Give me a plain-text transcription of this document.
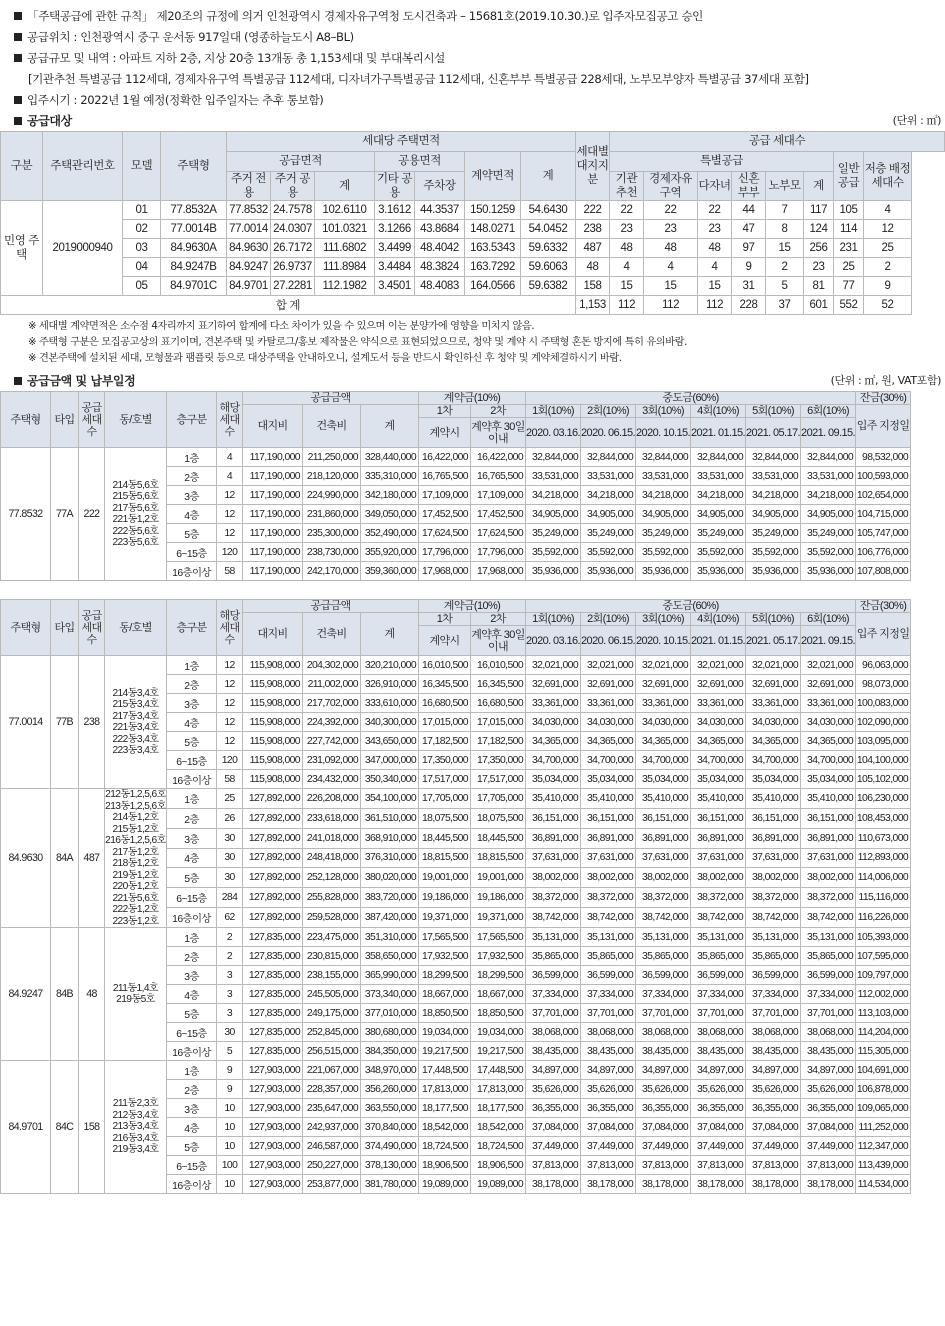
「주택공급에 관한 규칙」 제20조의 규정에 의거 인천광역시 경제자유구역청 도시건축과 – 15681호(2019.10.30.)로 입주자모집공고 승인
공급위치 : 인천광역시 중구 운서동 917일대 (영종하늘도시 A8–BL)
공급규모 및 내역 : 아파트 지하 2층, 지상 20층 13개동 총 1,153세대 및 부대복리시설
[기관추천 특별공급 112세대, 경제자유구역 특별공급 112세대, 디자녀가구특별공급 112세대, 신혼부부 특별공급 228세대, 노부모부양자 특별공급 37세대 포함]
입주시기 : 2022년 1월 예정(정확한 입주일자는 추후 통보함)
공급대상	(단위 : ㎡)
구분	주택관리번호	모델	주택형	세대당 주택면적							세대별 대지지분	공급 세대수							
				공급면적			공용면적		계약면적	계		특별공급						일반 공급	저층 배정 세대수
												기관 추천	경제자유 구역	다자녀	신혼 부부	노부모	계		
				주거 전용	주거 공용	계	기타 공용	주차장											
민영 주택	2019000940	01	77.8532A	77.8532	24.7578	102.6110	3.1612	44.3537	150.1259	54.6430	222	22	22	22	44	7	117	105	4
		02	77.0014B	77.0014	24.0307	101.0321	3.1266	43.8684	148.0271	54.0452	238	23	23	23	47	8	124	114	12
		03	84.9630A	84.9630	26.7172	111.6802	3.4499	48.4042	163.5343	59.6332	487	48	48	48	97	15	256	231	25
		04	84.9247B	84.9247	26.9737	111.8984	3.4484	48.3824	163.7292	59.6063	48	4	4	4	9	2	23	25	2
		05	84.9701C	84.9701	27.2281	112.1982	3.4501	48.4083	164.0566	59.6382	158	15	15	15	31	5	81	77	9
합 계											1,153	112	112	112	228	37	601	552	52
※ 세대별 계약면적은 소수점 4자리까지 표기하여 합계에 다소 차이가 있을 수 있으며 이는 분양가에 영향을 미치지 않음.
※ 주택형 구분은 모집공고상의 표기이며, 견본주택 및 카탈로그/홍보 제작물은 약식으로 표현되었으므로, 청약 및 계약 시 주택형 혼돈 방지에 특히 유의바람.
※ 견본주택에 설치된 세대, 모형물과 팸플릿 등으로 대상주택을 안내하오니, 설계도서 등을 반드시 확인하신 후 청약 및 계약체결하시기 바람.
공급금액 및 납부일정	(단위 : ㎡, 원, VAT포함)
주택형	타입	공급 세대 수	동/호별	층구분	해당 세대 수	공급금액			계약금(10%)		중도금(60%)						잔금(30%)
						대지비	건축비	계	1차	2차	1회(10%)	2회(10%)	3회(10%)	4회(10%)	5회(10%)	6회(10%)	입주 지정일
									계약시	계약후 30일 이내	2020. 03.16.	2020. 06.15.	2020. 10.15.	2021. 01.15.	2021. 05.17.	2021. 09.15.	
77.8532	77A	222	214동5,6호 215동5,6호 217동5,6호 221동1,2호 222동5,6호 223동5,6호	1층	4	117,190,000	211,250,000	328,440,000	16,422,000	16,422,000	32,844,000	32,844,000	32,844,000	32,844,000	32,844,000	32,844,000	98,532,000
				2층	4	117,190,000	218,120,000	335,310,000	16,765,500	16,765,500	33,531,000	33,531,000	33,531,000	33,531,000	33,531,000	33,531,000	100,593,000
				3층	12	117,190,000	224,990,000	342,180,000	17,109,000	17,109,000	34,218,000	34,218,000	34,218,000	34,218,000	34,218,000	34,218,000	102,654,000
				4층	12	117,190,000	231,860,000	349,050,000	17,452,500	17,452,500	34,905,000	34,905,000	34,905,000	34,905,000	34,905,000	34,905,000	104,715,000
				5층	12	117,190,000	235,300,000	352,490,000	17,624,500	17,624,500	35,249,000	35,249,000	35,249,000	35,249,000	35,249,000	35,249,000	105,747,000
				6~15층	120	117,190,000	238,730,000	355,920,000	17,796,000	17,796,000	35,592,000	35,592,000	35,592,000	35,592,000	35,592,000	35,592,000	106,776,000
				16층이상	58	117,190,000	242,170,000	359,360,000	17,968,000	17,968,000	35,936,000	35,936,000	35,936,000	35,936,000	35,936,000	35,936,000	107,808,000
주택형	타입	공급 세대 수	동/호별	층구분	해당 세대 수	공급금액			계약금(10%)		중도금(60%)						잔금(30%)
						대지비	건축비	계	1차	2차	1회(10%)	2회(10%)	3회(10%)	4회(10%)	5회(10%)	6회(10%)	입주 지정일
									계약시	계약후 30일 이내	2020. 03.16.	2020. 06.15.	2020. 10.15.	2021. 01.15.	2021. 05.17.	2021. 09.15.	
77.0014	77B	238	214동3,4호 215동3,4호 217동3,4호 221동3,4호 222동3,4호 223동3,4호	1층	12	115,908,000	204,302,000	320,210,000	16,010,500	16,010,500	32,021,000	32,021,000	32,021,000	32,021,000	32,021,000	32,021,000	96,063,000
				2층	12	115,908,000	211,002,000	326,910,000	16,345,500	16,345,500	32,691,000	32,691,000	32,691,000	32,691,000	32,691,000	32,691,000	98,073,000
				3층	12	115,908,000	217,702,000	333,610,000	16,680,500	16,680,500	33,361,000	33,361,000	33,361,000	33,361,000	33,361,000	33,361,000	100,083,000
				4층	12	115,908,000	224,392,000	340,300,000	17,015,000	17,015,000	34,030,000	34,030,000	34,030,000	34,030,000	34,030,000	34,030,000	102,090,000
				5층	12	115,908,000	227,742,000	343,650,000	17,182,500	17,182,500	34,365,000	34,365,000	34,365,000	34,365,000	34,365,000	34,365,000	103,095,000
				6~15층	120	115,908,000	231,092,000	347,000,000	17,350,000	17,350,000	34,700,000	34,700,000	34,700,000	34,700,000	34,700,000	34,700,000	104,100,000
				16층이상	58	115,908,000	234,432,000	350,340,000	17,517,000	17,517,000	35,034,000	35,034,000	35,034,000	35,034,000	35,034,000	35,034,000	105,102,000
84.9630	84A	487	212동1,2,5,6호 213동1,2,5,6호 214동1,2호 215동1,2호 216동1,2,5,6호 217동1,2호 218동1,2호 219동1,2호 220동1,2호 221동5,6호 222동1,2호 223동1,2호	1층	25	127,892,000	226,208,000	354,100,000	17,705,000	17,705,000	35,410,000	35,410,000	35,410,000	35,410,000	35,410,000	35,410,000	106,230,000
				2층	26	127,892,000	233,618,000	361,510,000	18,075,500	18,075,500	36,151,000	36,151,000	36,151,000	36,151,000	36,151,000	36,151,000	108,453,000
				3층	30	127,892,000	241,018,000	368,910,000	18,445,500	18,445,500	36,891,000	36,891,000	36,891,000	36,891,000	36,891,000	36,891,000	110,673,000
				4층	30	127,892,000	248,418,000	376,310,000	18,815,500	18,815,500	37,631,000	37,631,000	37,631,000	37,631,000	37,631,000	37,631,000	112,893,000
				5층	30	127,892,000	252,128,000	380,020,000	19,001,000	19,001,000	38,002,000	38,002,000	38,002,000	38,002,000	38,002,000	38,002,000	114,006,000
				6~15층	284	127,892,000	255,828,000	383,720,000	19,186,000	19,186,000	38,372,000	38,372,000	38,372,000	38,372,000	38,372,000	38,372,000	115,116,000
				16층이상	62	127,892,000	259,528,000	387,420,000	19,371,000	19,371,000	38,742,000	38,742,000	38,742,000	38,742,000	38,742,000	38,742,000	116,226,000
84.9247	84B	48	211동1,4호 219동5호	1층	2	127,835,000	223,475,000	351,310,000	17,565,500	17,565,500	35,131,000	35,131,000	35,131,000	35,131,000	35,131,000	35,131,000	105,393,000
				2층	2	127,835,000	230,815,000	358,650,000	17,932,500	17,932,500	35,865,000	35,865,000	35,865,000	35,865,000	35,865,000	35,865,000	107,595,000
				3층	3	127,835,000	238,155,000	365,990,000	18,299,500	18,299,500	36,599,000	36,599,000	36,599,000	36,599,000	36,599,000	36,599,000	109,797,000
				4층	3	127,835,000	245,505,000	373,340,000	18,667,000	18,667,000	37,334,000	37,334,000	37,334,000	37,334,000	37,334,000	37,334,000	112,002,000
				5층	3	127,835,000	249,175,000	377,010,000	18,850,500	18,850,500	37,701,000	37,701,000	37,701,000	37,701,000	37,701,000	37,701,000	113,103,000
				6~15층	30	127,835,000	252,845,000	380,680,000	19,034,000	19,034,000	38,068,000	38,068,000	38,068,000	38,068,000	38,068,000	38,068,000	114,204,000
				16층이상	5	127,835,000	256,515,000	384,350,000	19,217,500	19,217,500	38,435,000	38,435,000	38,435,000	38,435,000	38,435,000	38,435,000	115,305,000
84.9701	84C	158	211동2,3호 212동3,4호 213동3,4호 216동3,4호 219동3,4호	1층	9	127,903,000	221,067,000	348,970,000	17,448,500	17,448,500	34,897,000	34,897,000	34,897,000	34,897,000	34,897,000	34,897,000	104,691,000
				2층	9	127,903,000	228,357,000	356,260,000	17,813,000	17,813,000	35,626,000	35,626,000	35,626,000	35,626,000	35,626,000	35,626,000	106,878,000
				3층	10	127,903,000	235,647,000	363,550,000	18,177,500	18,177,500	36,355,000	36,355,000	36,355,000	36,355,000	36,355,000	36,355,000	109,065,000
				4층	10	127,903,000	242,937,000	370,840,000	18,542,000	18,542,000	37,084,000	37,084,000	37,084,000	37,084,000	37,084,000	37,084,000	111,252,000
				5층	10	127,903,000	246,587,000	374,490,000	18,724,500	18,724,500	37,449,000	37,449,000	37,449,000	37,449,000	37,449,000	37,449,000	112,347,000
				6~15층	100	127,903,000	250,227,000	378,130,000	18,906,500	18,906,500	37,813,000	37,813,000	37,813,000	37,813,000	37,813,000	37,813,000	113,439,000
				16층이상	10	127,903,000	253,877,000	381,780,000	19,089,000	19,089,000	38,178,000	38,178,000	38,178,000	38,178,000	38,178,000	38,178,000	114,534,000
